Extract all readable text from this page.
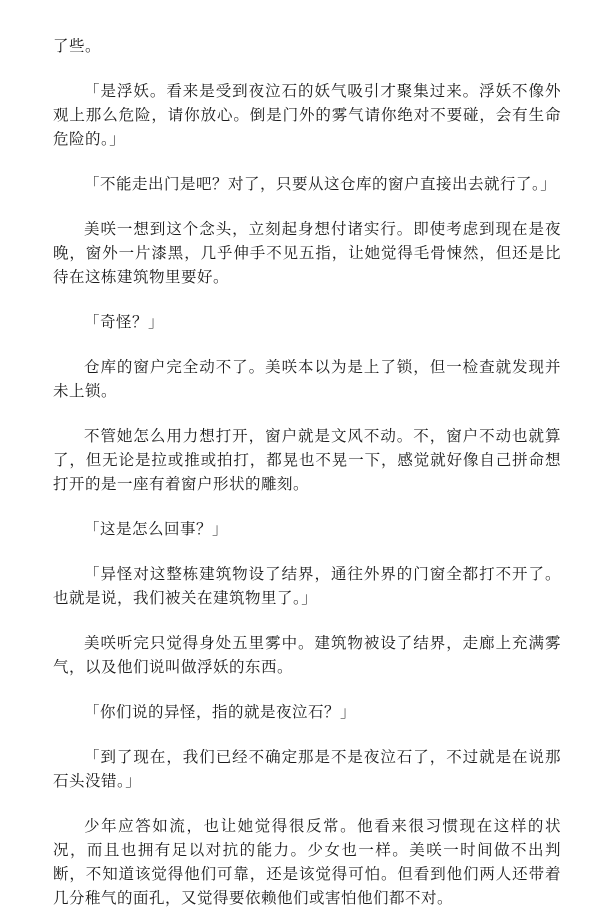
了些。

「是浮妖。看来是受到夜泣石的妖气吸引才聚集过来。浮妖不像外观上那么危险，请你放心。倒是门外的雾气请你绝对不要碰，会有生命危险的。」

「不能走出门是吧？对了，只要从这仓库的窗户直接出去就行了。」

美咲一想到这个念头，立刻起身想付诸实行。即使考虑到现在是夜晚，窗外一片漆黑，几乎伸手不见五指，让她觉得毛骨悚然，但还是比待在这栋建筑物里要好。

「奇怪？」

仓库的窗户完全动不了。美咲本以为是上了锁，但一检查就发现并未上锁。

不管她怎么用力想打开，窗户就是文风不动。不，窗户不动也就算了，但无论是拉或推或拍打，都晃也不晃一下，感觉就好像自己拼命想打开的是一座有着窗户形状的雕刻。

「这是怎么回事？」

「异怪对这整栋建筑物设了结界，通往外界的门窗全都打不开了。也就是说，我们被关在建筑物里了。」

美咲听完只觉得身处五里雾中。建筑物被设了结界，走廊上充满雾气，以及他们说叫做浮妖的东西。

「你们说的异怪，指的就是夜泣石？」

「到了现在，我们已经不确定那是不是夜泣石了，不过就是在说那石头没错。」

少年应答如流，也让她觉得很反常。他看来很习惯现在这样的状况，而且也拥有足以对抗的能力。少女也一样。美咲一时间做不出判断，不知道该觉得他们可靠，还是该觉得可怕。但看到他们两人还带着几分稚气的面孔，又觉得要依赖他们或害怕他们都不对。
